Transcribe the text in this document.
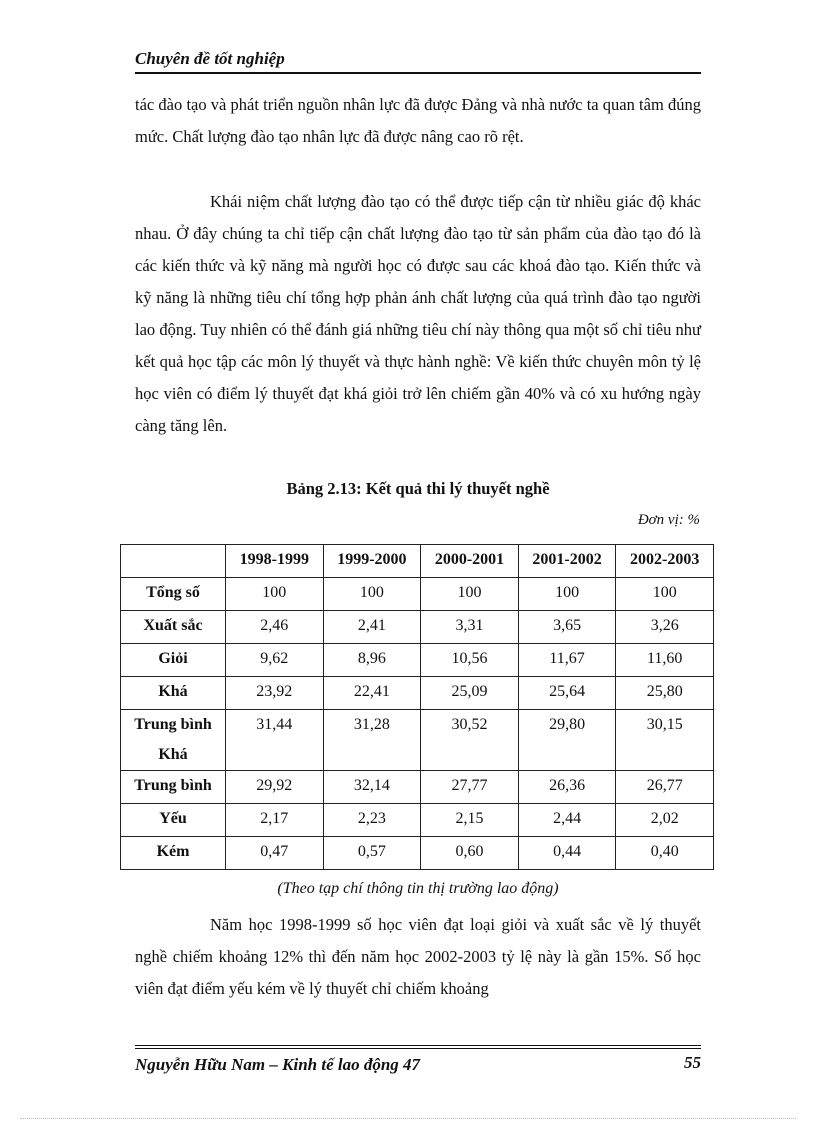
Chuyên đề tốt nghiệp
tác đào tạo và phát triển nguồn nhân lực đã được Đảng và nhà nước ta quan tâm đúng mức. Chất lượng đào tạo nhân lực đã được nâng cao rõ rệt.
Khái niệm chất lượng đào tạo có thể được tiếp cận từ nhiều giác độ khác nhau. Ở đây chúng ta chỉ tiếp cận chất lượng đào tạo từ sản phẩm của đào tạo đó là các kiến thức và kỹ năng mà người học có được sau các khoá đào tạo. Kiến thức và kỹ năng là những tiêu chí tổng hợp phản ánh chất lượng của quá trình đào tạo người lao động. Tuy nhiên có thể đánh giá những tiêu chí này thông qua một số chỉ tiêu như kết quả học tập các môn lý thuyết và thực hành nghề: Về kiến thức chuyên môn tỷ lệ học viên có điểm lý thuyết đạt khá giỏi trở lên chiếm gần 40% và có xu hướng ngày càng tăng lên.
Bảng 2.13: Kết quả thi lý thuyết nghề
Đơn vị: %
	1998-1999	1999-2000	2000-2001	2001-2002	2002-2003
Tổng số	100	100	100	100	100
Xuất sắc	2,46	2,41	3,31	3,65	3,26
Giỏi	9,62	8,96	10,56	11,67	11,60
Khá	23,92	22,41	25,09	25,64	25,80
Trung bình Khá	31,44	31,28	30,52	29,80	30,15
Trung bình	29,92	32,14	27,77	26,36	26,77
Yếu	2,17	2,23	2,15	2,44	2,02
Kém	0,47	0,57	0,60	0,44	0,40
(Theo tạp chí thông tin thị trường lao động)
Năm học 1998-1999 số học viên đạt loại giỏi và xuất sắc về lý thuyết nghề chiếm khoảng 12% thì đến năm học 2002-2003 tỷ lệ này là gần 15%. Số học viên đạt điểm yếu kém về lý thuyết chỉ chiếm khoảng
Nguyễn Hữu Nam – Kinh tế lao động 47	55
